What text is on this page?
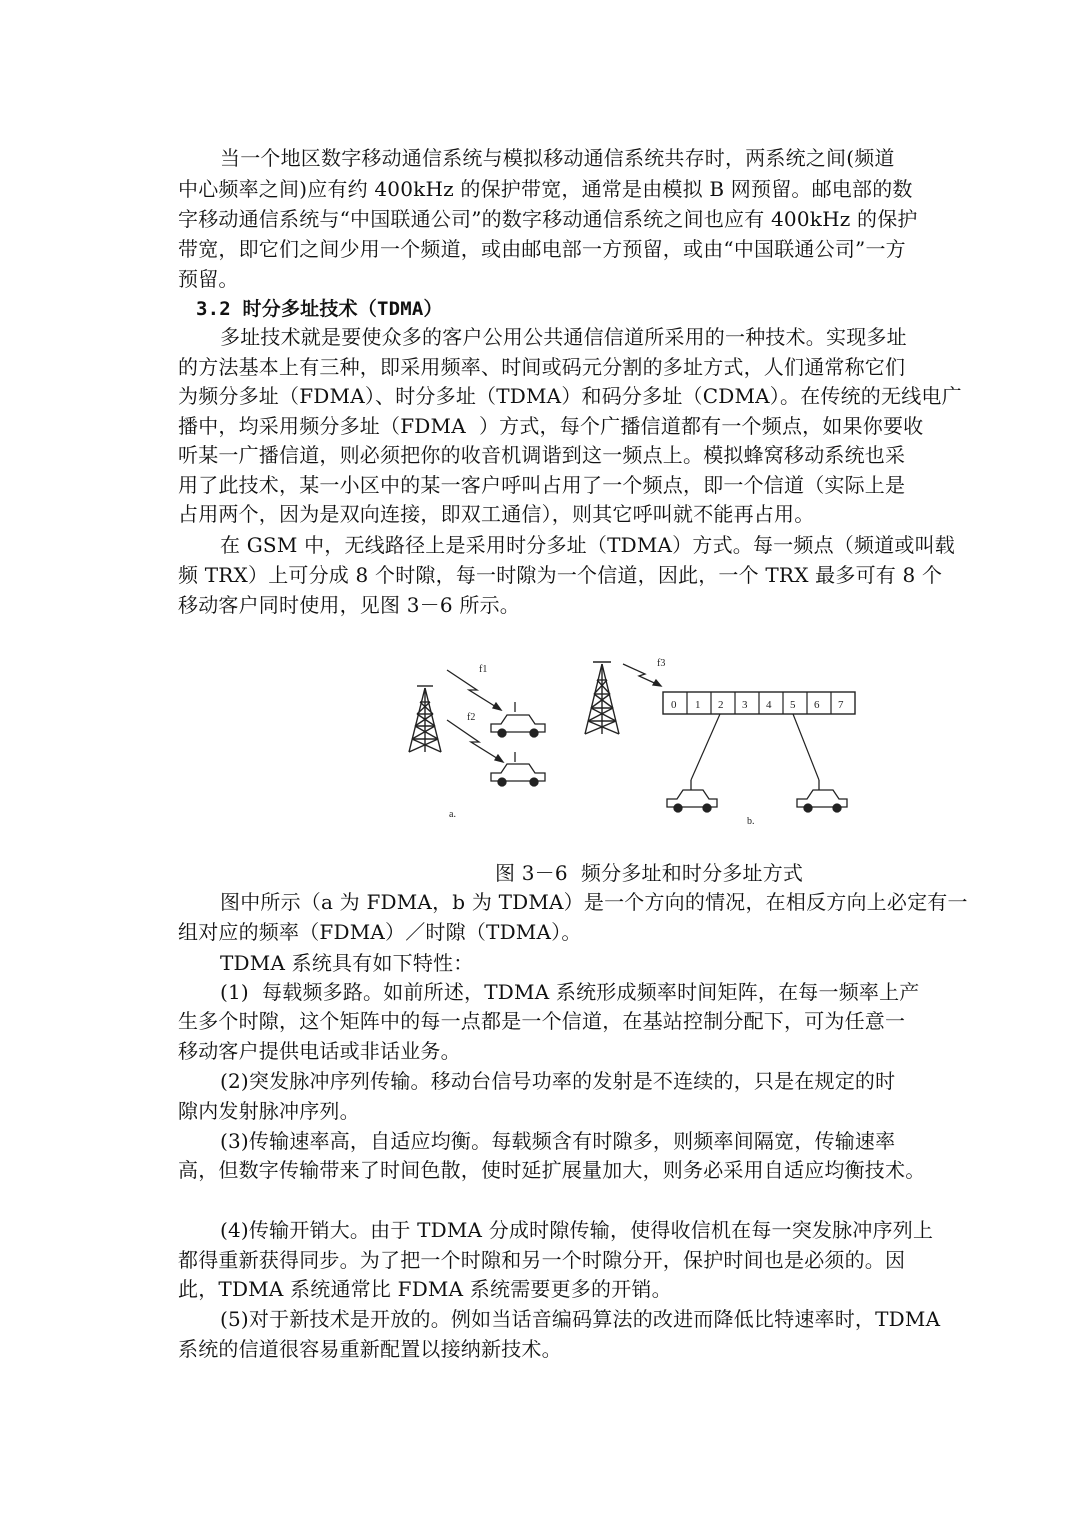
当一个地区数字移动通信系统与模拟移动通信系统共存时，两系统之间(频道
中心频率之间)应有约 400kHz 的保护带宽，通常是由模拟 B 网预留。邮电部的数
字移动通信系统与“中国联通公司”的数字移动通信系统之间也应有 400kHz 的保护
带宽，即它们之间少用一个频道，或由邮电部一方预留，或由“中国联通公司”一方
预留。
3.2 时分多址技术（TDMA）
多址技术就是要使众多的客户公用公共通信信道所采用的一种技术。实现多址
的方法基本上有三种，即采用频率、时间或码元分割的多址方式，人们通常称它们
为频分多址（FDMA）、时分多址（TDMA）和码分多址（CDMA）。在传统的无线电广
播中，均采用频分多址（FDMA  ）方式，每个广播信道都有一个频点，如果你要收
听某一广播信道，则必须把你的收音机调谐到这一频点上。模拟蜂窝移动系统也采
用了此技术，某一小区中的某一客户呼叫占用了一个频点，即一个信道（实际上是
占用两个，因为是双向连接，即双工通信），则其它呼叫就不能再占用。
在 GSM 中，无线路径上是采用时分多址（TDMA）方式。每一频点（频道或叫载
频 TRX）上可分成 8 个时隙，每一时隙为一个信道，因此，一个 TRX 最多可有 8 个
移动客户同时使用，见图 3－6 所示。
f1
f2
a.
f3
0 1 2 3 4 5 6 7
b.
图 3－6  频分多址和时分多址方式
图中所示（a 为 FDMA，b 为 TDMA）是一个方向的情况，在相反方向上必定有一
组对应的频率（FDMA）／时隙（TDMA）。
TDMA 系统具有如下特性：
(1)  每载频多路。如前所述，TDMA 系统形成频率时间矩阵，在每一频率上产
生多个时隙，这个矩阵中的每一点都是一个信道，在基站控制分配下，可为任意一
移动客户提供电话或非话业务。
(2)突发脉冲序列传输。移动台信号功率的发射是不连续的，只是在规定的时
隙内发射脉冲序列。
(3)传输速率高，自适应均衡。每载频含有时隙多，则频率间隔宽，传输速率
高，但数字传输带来了时间色散，使时延扩展量加大，则务必采用自适应均衡技术。
(4)传输开销大。由于 TDMA 分成时隙传输，使得收信机在每一突发脉冲序列上
都得重新获得同步。为了把一个时隙和另一个时隙分开，保护时间也是必须的。因
此，TDMA 系统通常比 FDMA 系统需要更多的开销。
(5)对于新技术是开放的。例如当话音编码算法的改进而降低比特速率时，TDMA
系统的信道很容易重新配置以接纳新技术。
